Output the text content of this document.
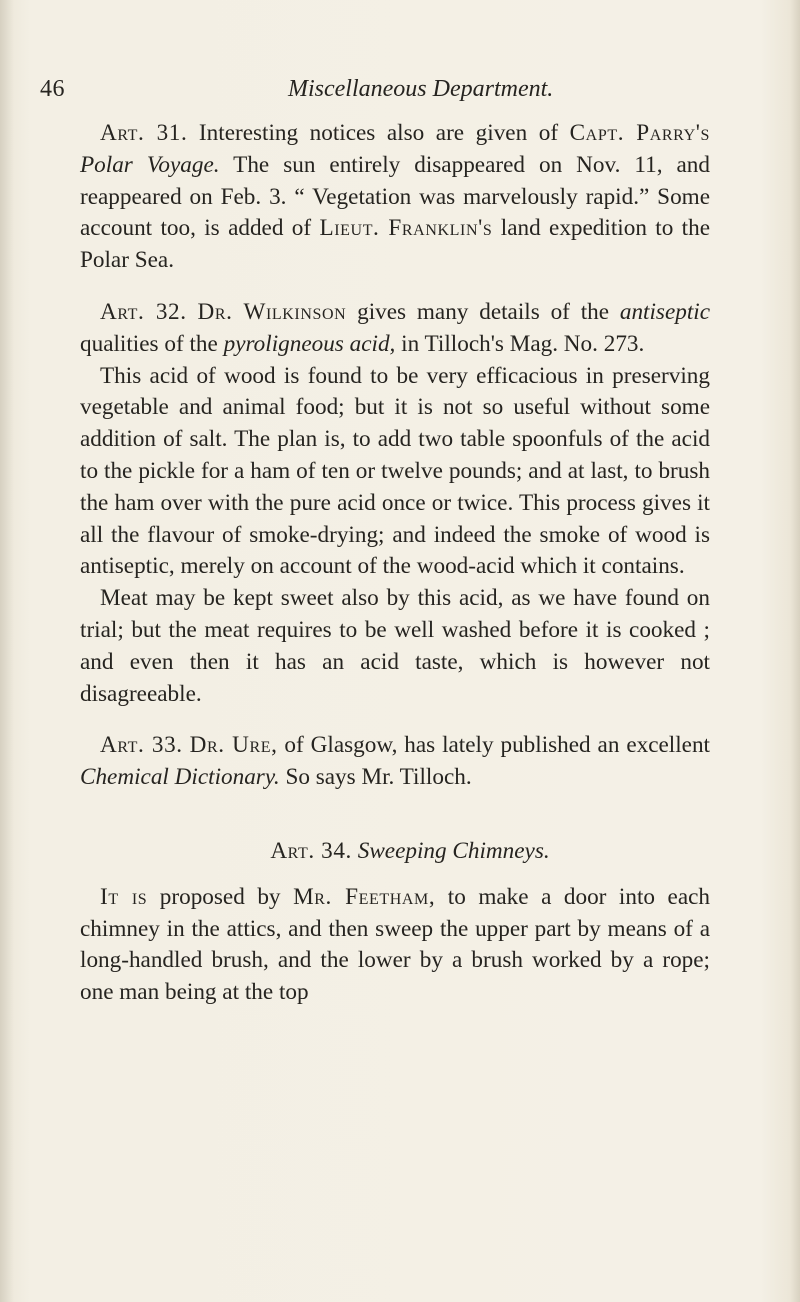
46	Miscellaneous Department.

Art. 31. Interesting notices also are given of Capt. Parry's Polar Voyage. The sun entirely disappeared on Nov. 11, and reappeared on Feb. 3. “ Vegetation was marvelously rapid.” Some account too, is added of Lieut. Franklin's land expedition to the Polar Sea.

Art. 32. Dr. Wilkinson gives many details of the antiseptic qualities of the pyroligneous acid, in Tilloch's Mag. No. 273.

This acid of wood is found to be very efficacious in preserving vegetable and animal food; but it is not so useful without some addition of salt. The plan is, to add two table spoonfuls of the acid to the pickle for a ham of ten or twelve pounds; and at last, to brush the ham over with the pure acid once or twice. This process gives it all the flavour of smoke-drying; and indeed the smoke of wood is antiseptic, merely on account of the wood-acid which it contains.

Meat may be kept sweet also by this acid, as we have found on trial; but the meat requires to be well washed before it is cooked ; and even then it has an acid taste, which is however not disagreeable.

Art. 33. Dr. Ure, of Glasgow, has lately published an excellent Chemical Dictionary. So says Mr. Tilloch.

Art. 34. Sweeping Chimneys.

It is proposed by Mr. Feetham, to make a door into each chimney in the attics, and then sweep the upper part by means of a long-handled brush, and the lower by a brush worked by a rope; one man being at the top
